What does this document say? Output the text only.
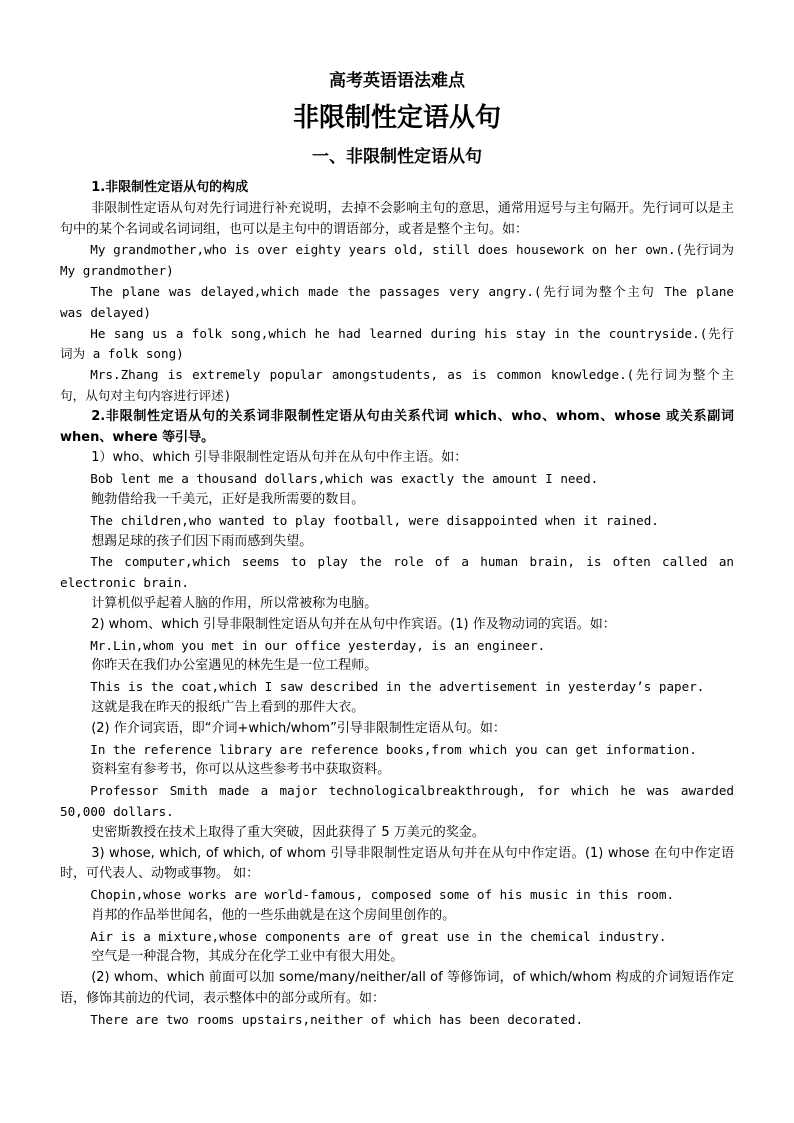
高考英语语法难点
非限制性定语从句
一、非限制性定语从句

1.非限制性定语从句的构成

非限制性定语从句对先行词进行补充说明，去掉不会影响主句的意思，通常用逗号与主句隔开。先行词可以是主句中的某个名词或名词词组，也可以是主句中的谓语部分，或者是整个主句。如：

My grandmother,who is over eighty years old, still does housework on her own.(先行词为 My grandmother)

The plane was delayed,which made the passages very angry.(先行词为整个主句 The plane was delayed)

He sang us a folk song,which he had learned during his stay in the countryside.(先行词为 a folk song)

Mrs.Zhang is extremely popular amongstudents, as is common knowledge.(先行词为整个主句，从句对主句内容进行评述)

2.非限制性定语从句的关系词非限制性定语从句由关系代词 which、who、whom、whose 或关系副词 when、where 等引导。

1）who、which 引导非限制性定语从句并在从句中作主语。如：

Bob lent me a thousand dollars,which was exactly the amount I need.

鲍勃借给我一千美元，正好是我所需要的数目。

The children,who wanted to play football, were disappointed when it rained.

想踢足球的孩子们因下雨而感到失望。

The computer,which seems to play the role of a human brain, is often called an electronic brain.

计算机似乎起着人脑的作用，所以常被称为电脑。

2) whom、which 引导非限制性定语从句并在从句中作宾语。(1) 作及物动词的宾语。如：

Mr.Lin,whom you met in our office yesterday, is an engineer.

你昨天在我们办公室遇见的林先生是一位工程师。

This is the coat,which I saw described in the advertisement in yesterday’s paper.

这就是我在昨天的报纸广告上看到的那件大衣。

(2) 作介词宾语，即“介词+which/whom”引导非限制性定语从句。如：

In the reference library are reference books,from which you can get information.

资料室有参考书，你可以从这些参考书中获取资料。

Professor Smith made a major technologicalbreakthrough, for which he was awarded 50,000 dollars.

史密斯教授在技术上取得了重大突破，因此获得了 5 万美元的奖金。

3) whose, which, of which, of whom 引导非限制性定语从句并在从句中作定语。(1) whose 在句中作定语时，可代表人、动物或事物。 如：

Chopin,whose works are world-famous, composed some of his music in this room.

肖邦的作品举世闻名，他的一些乐曲就是在这个房间里创作的。

Air is a mixture,whose components are of great use in the chemical industry.

空气是一种混合物，其成分在化学工业中有很大用处。

(2) whom、which 前面可以加 some/many/neither/all of 等修饰词，of which/whom 构成的介词短语作定语，修饰其前边的代词，表示整体中的部分或所有。如：

There are two rooms upstairs,neither of which has been decorated.
